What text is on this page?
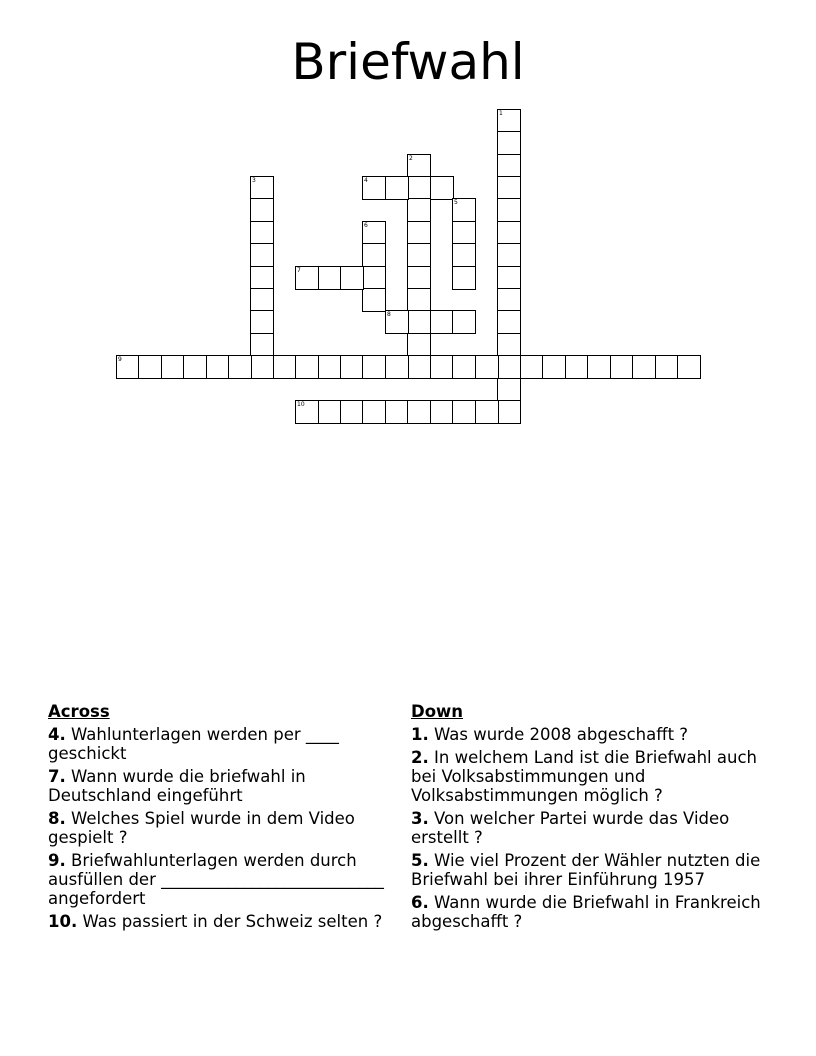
Briefwahl
1
2
3	4
5
6
7
8
9
10
Across
4. Wahlunterlagen werden per ____ geschickt
7. Wann wurde die briefwahl in Deutschland eingeführt
8. Welches Spiel wurde in dem Video gespielt ?
9. Briefwahlunterlagen werden durch ausfüllen der ___________________________ angefordert
10. Was passiert in der Schweiz selten ?
Down
1. Was wurde 2008 abgeschafft ?
2. In welchem Land ist die Briefwahl auch bei Volksabstimmungen und Volksabstimmungen möglich ?
3. Von welcher Partei wurde das Video erstellt ?
5. Wie viel Prozent der Wähler nutzten die Briefwahl bei ihrer Einführung 1957
6. Wann wurde die Briefwahl in Frankreich abgeschafft ?
